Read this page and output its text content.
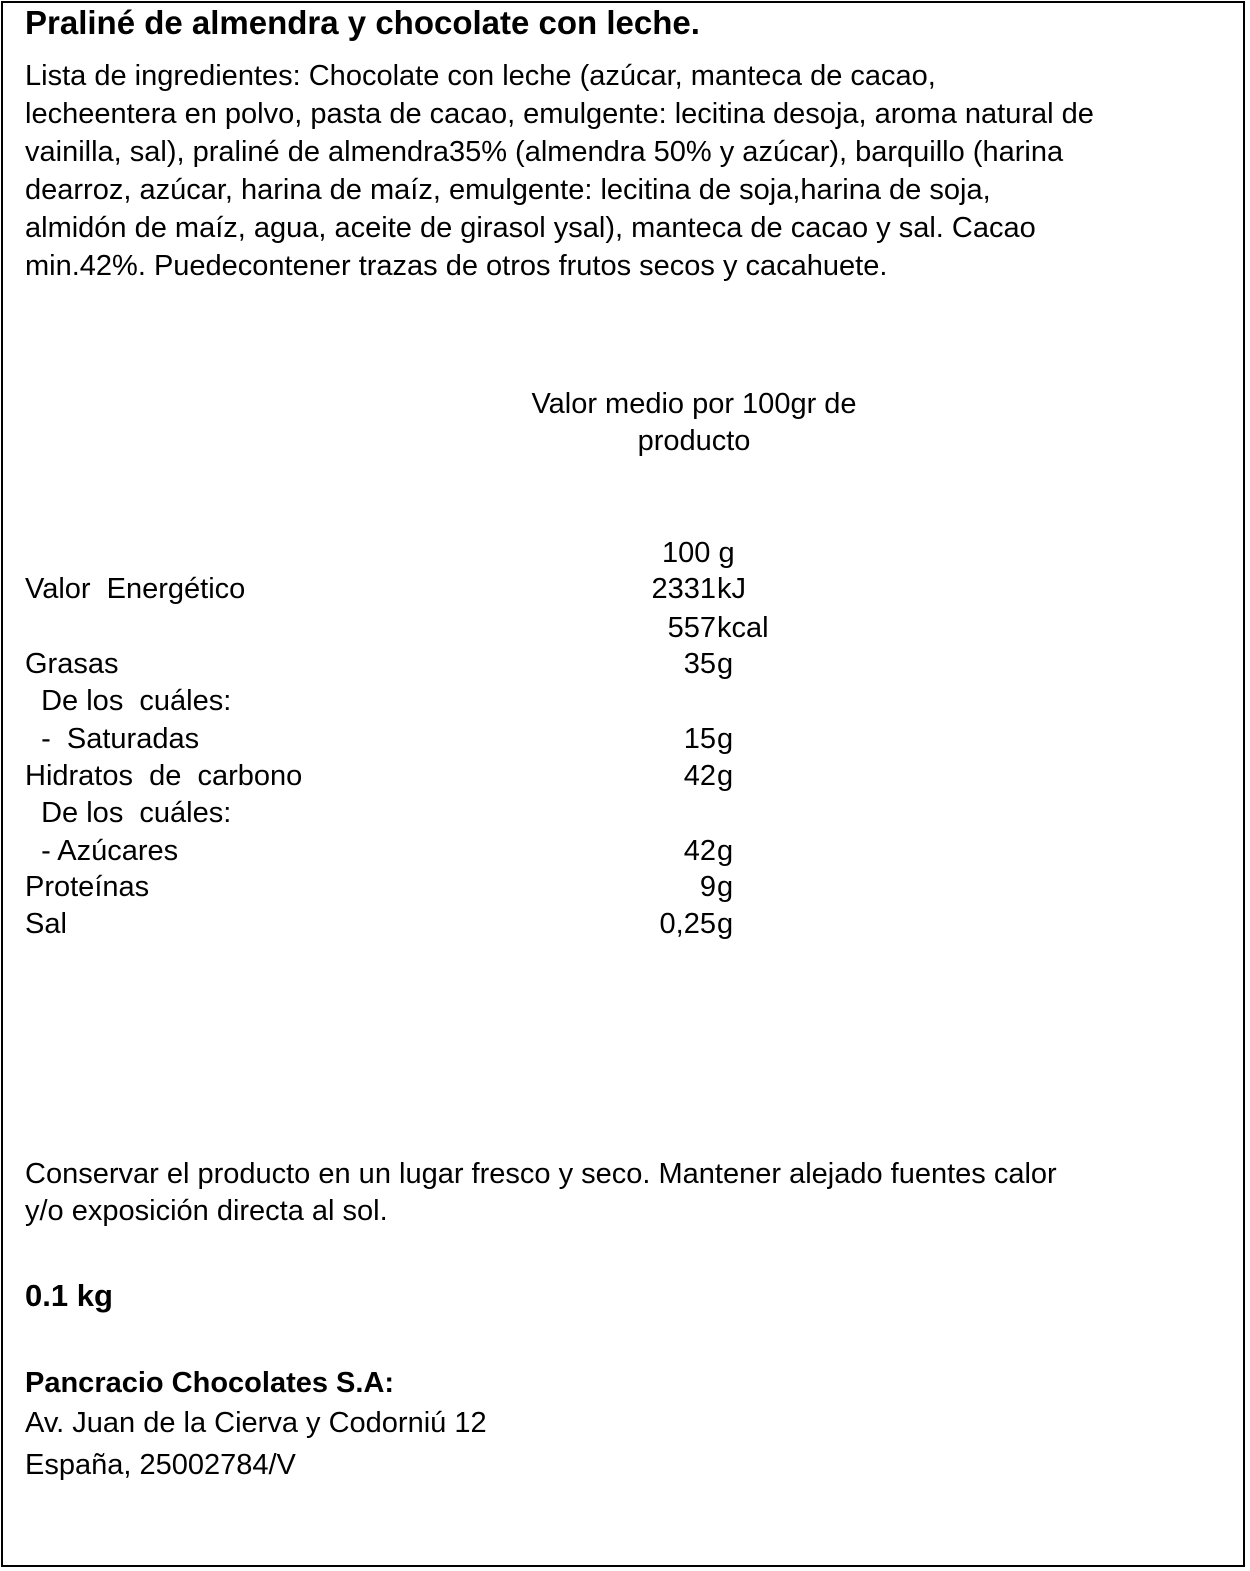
Praliné de almendra y chocolate con leche.
Lista de ingredientes: Chocolate con leche (azúcar, manteca de cacao,
lecheentera en polvo, pasta de cacao, emulgente: lecitina desoja, aroma natural de
vainilla, sal), praliné de almendra35% (almendra 50% y azúcar), barquillo (harina
dearroz, azúcar, harina de maíz, emulgente: lecitina de soja,harina de soja,
almidón de maíz, agua, aceite de girasol ysal), manteca de cacao y sal. Cacao
min.42%. Puedecontener trazas de otros frutos secos y cacahuete.
Valor medio por 100gr de
producto
100 g
Valor  Energético	2331 kJ
557 kcal
Grasas	35 g
De los  cuáles:
-  Saturadas	15 g
Hidratos  de  carbono	42 g
De los  cuáles:
- Azúcares	42 g
Proteínas	9 g
Sal	0,25 g
Conservar el producto en un lugar fresco y seco. Mantener alejado fuentes calor
y/o exposición directa al sol.
0.1 kg
Pancracio Chocolates S.A:
Av. Juan de la Cierva y Codorniú 12
España, 25002784/V
